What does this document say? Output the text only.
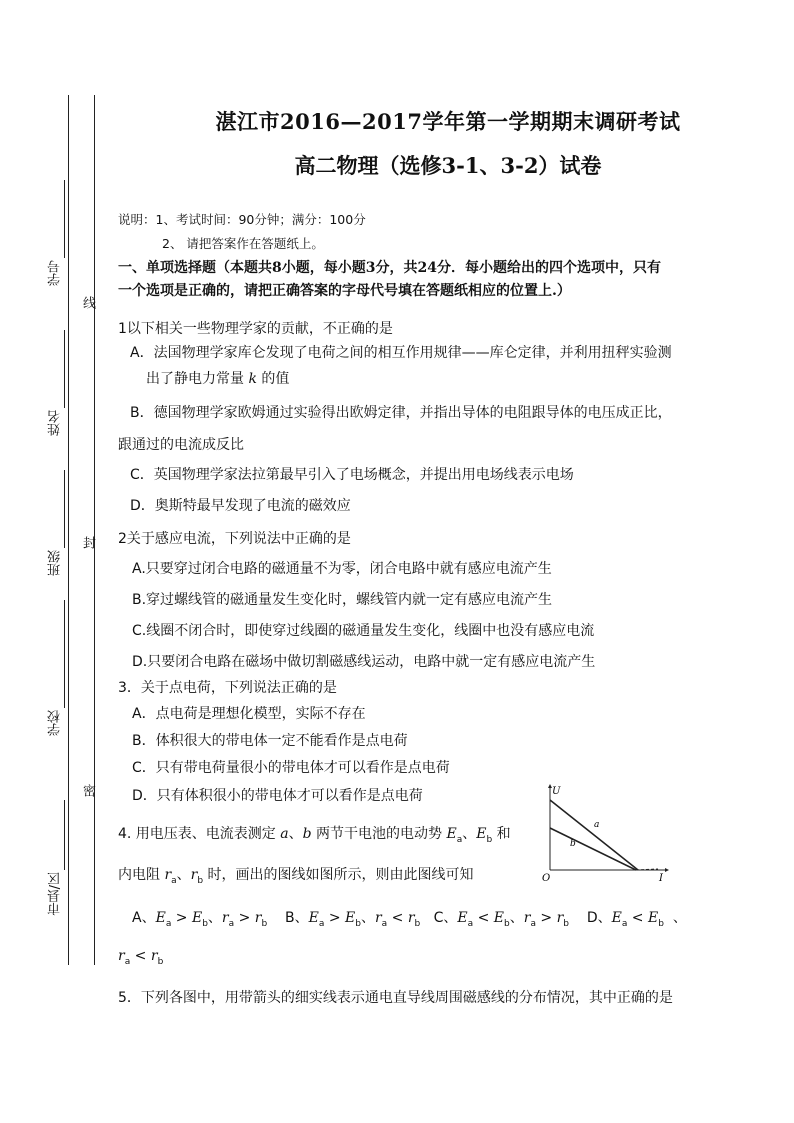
学号
姓名
班级
学校
市县/区
线
封
密
湛江市2016—2017学年第一学期期末调研考试
高二物理（选修3-1、3-2）试卷
说明：1、考试时间：90分钟；满分：100分
2、 请把答案作在答题纸上。
一、单项选择题（本题共8小题，每小题3分，共24分．每小题给出的四个选项中，只有
一个选项是正确的，请把正确答案的字母代号填在答题纸相应的位置上.）
1以下相关一些物理学家的贡献，不正确的是
A．法国物理学家库仑发现了电荷之间的相互作用规律——库仑定律，并利用扭秤实验测
出了静电力常量 k 的值
B．德国物理学家欧姆通过实验得出欧姆定律，并指出导体的电阻跟导体的电压成正比，
跟通过的电流成反比
C．英国物理学家法拉第最早引入了电场概念，并提出用电场线表示电场
D．奥斯特最早发现了电流的磁效应
2关于感应电流，下列说法中正确的是
A.只要穿过闭合电路的磁通量不为零，闭合电路中就有感应电流产生
B.穿过螺线管的磁通量发生变化时，螺线管内就一定有感应电流产生
C.线圈不闭合时，即使穿过线圈的磁通量发生变化，线圈中也没有感应电流
D.只要闭合电路在磁场中做切割磁感线运动，电路中就一定有感应电流产生
3．关于点电荷，下列说法正确的是
A．点电荷是理想化模型，实际不存在
B．体积很大的带电体一定不能看作是点电荷
C．只有带电荷量很小的带电体才可以看作是点电荷
D．只有体积很小的带电体才可以看作是点电荷
4. 用电压表、电流表测定 a、b 两节干电池的电动势 $E_a$、$E_b$ 和
内电阻 $r_a$、$r_b$ 时，画出的图线如图所示，则由此图线可知
A、$E_a > E_b$、$r_a > r_b$ B、$E_a > E_b$、$r_a < r_b$ C、$E_a < E_b$、$r_a > r_b$ D、$E_a < E_b$ 、
$r_a < r_b$
5．下列各图中，用带箭头的细实线表示通电直导线周围磁感线的分布情况，其中正确的是
U
I
O
a
b
